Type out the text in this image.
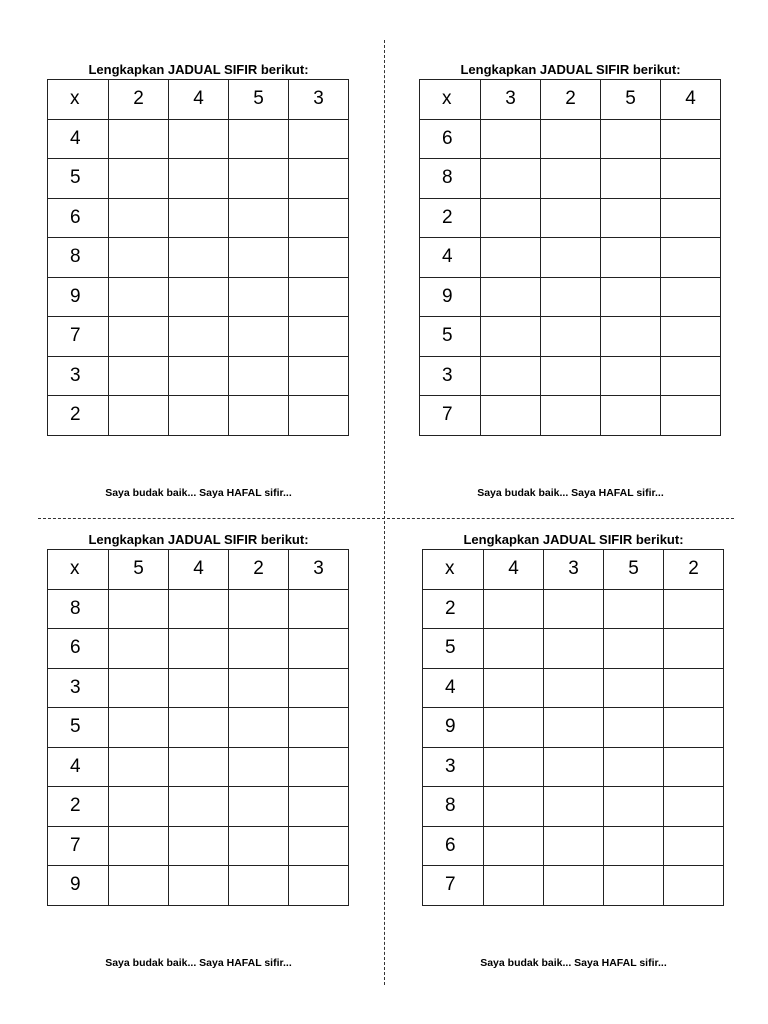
Lengkapkan JADUAL SIFIR berikut:
x	2	4	5	3
4				
5				
6				
8				
9				
7				
3				
2				
Saya budak baik... Saya HAFAL sifir...
Lengkapkan JADUAL SIFIR berikut:
x	3	2	5	4
6				
8				
2				
4				
9				
5				
3				
7				
Saya budak baik... Saya HAFAL sifir...
Lengkapkan JADUAL SIFIR berikut:
x	5	4	2	3
8				
6				
3				
5				
4				
2				
7				
9				
Saya budak baik... Saya HAFAL sifir...
Lengkapkan JADUAL SIFIR berikut:
x	4	3	5	2
2				
5				
4				
9				
3				
8				
6				
7				
Saya budak baik... Saya HAFAL sifir...
